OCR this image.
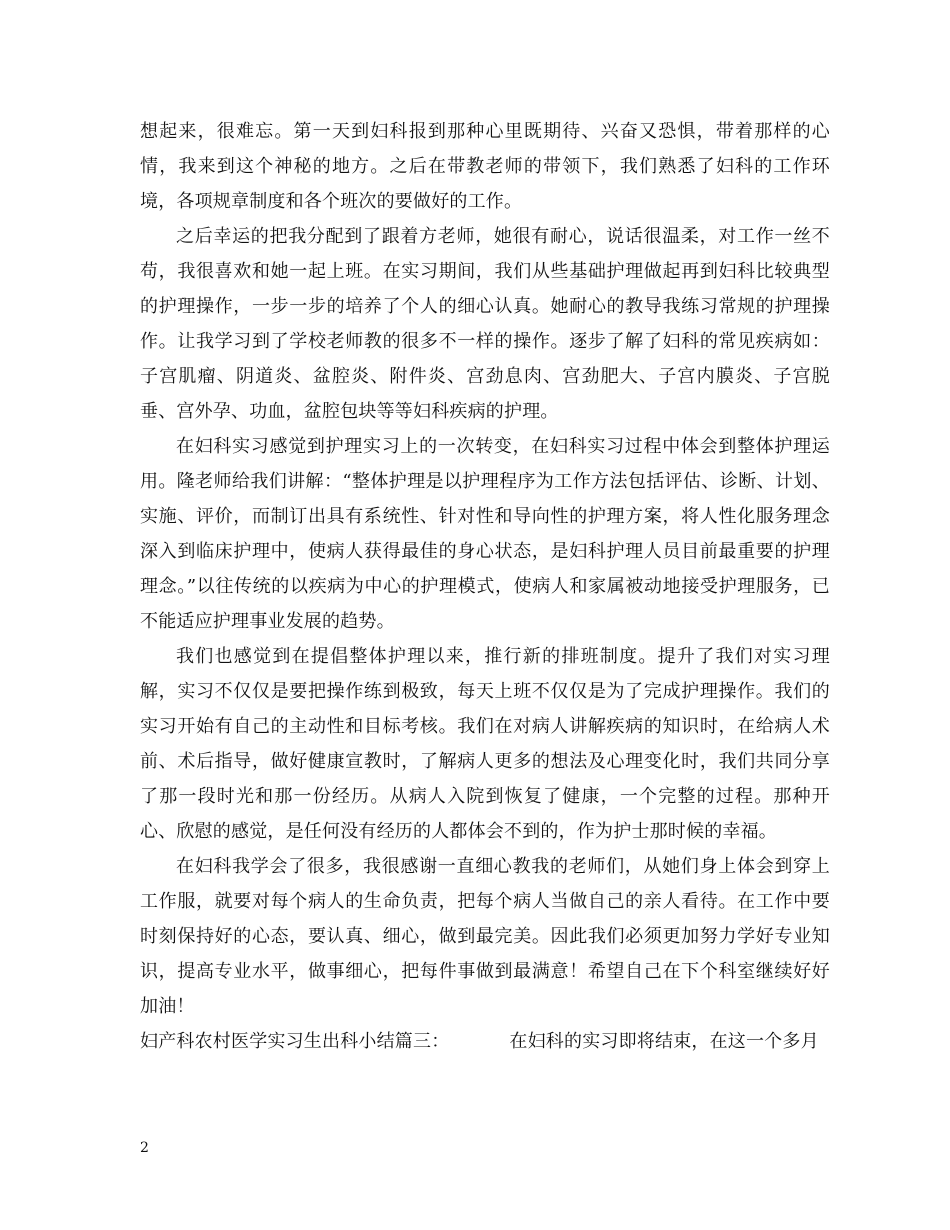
想起来，很难忘。第一天到妇科报到那种心里既期待、兴奋又恐惧，带着那样的心情，我来到这个神秘的地方。之后在带教老师的带领下，我们熟悉了妇科的工作环境，各项规章制度和各个班次的要做好的工作。

之后幸运的把我分配到了跟着方老师，她很有耐心，说话很温柔，对工作一丝不苟，我很喜欢和她一起上班。在实习期间，我们从些基础护理做起再到妇科比较典型的护理操作，一步一步的培养了个人的细心认真。她耐心的教导我练习常规的护理操作。让我学习到了学校老师教的很多不一样的操作。逐步了解了妇科的常见疾病如：子宫肌瘤、阴道炎、盆腔炎、附件炎、宫劲息肉、宫劲肥大、子宫内膜炎、子宫脱垂、宫外孕、功血，盆腔包块等等妇科疾病的护理。

在妇科实习感觉到护理实习上的一次转变，在妇科实习过程中体会到整体护理运用。隆老师给我们讲解：“整体护理是以护理程序为工作方法包括评估、诊断、计划、实施、评价，而制订出具有系统性、针对性和导向性的护理方案，将人性化服务理念深入到临床护理中，使病人获得最佳的身心状态，是妇科护理人员目前最重要的护理理念。”以往传统的以疾病为中心的护理模式，使病人和家属被动地接受护理服务，已不能适应护理事业发展的趋势。

我们也感觉到在提倡整体护理以来，推行新的排班制度。提升了我们对实习理解，实习不仅仅是要把操作练到极致，每天上班不仅仅是为了完成护理操作。我们的实习开始有自己的主动性和目标考核。我们在对病人讲解疾病的知识时，在给病人术前、术后指导，做好健康宣教时，了解病人更多的想法及心理变化时，我们共同分享了那一段时光和那一份经历。从病人入院到恢复了健康，一个完整的过程。那种开心、欣慰的感觉，是任何没有经历的人都体会不到的，作为护士那时候的幸福。

在妇科我学会了很多，我很感谢一直细心教我的老师们，从她们身上体会到穿上工作服，就要对每个病人的生命负责，把每个病人当做自己的亲人看待。在工作中要时刻保持好的心态，要认真、细心，做到最完美。因此我们必须更加努力学好专业知识，提高专业水平，做事细心，把每件事做到最满意！希望自己在下个科室继续好好加油！

妇产科农村医学实习生出科小结篇三：	在妇科的实习即将结束，在这一个多月

2
